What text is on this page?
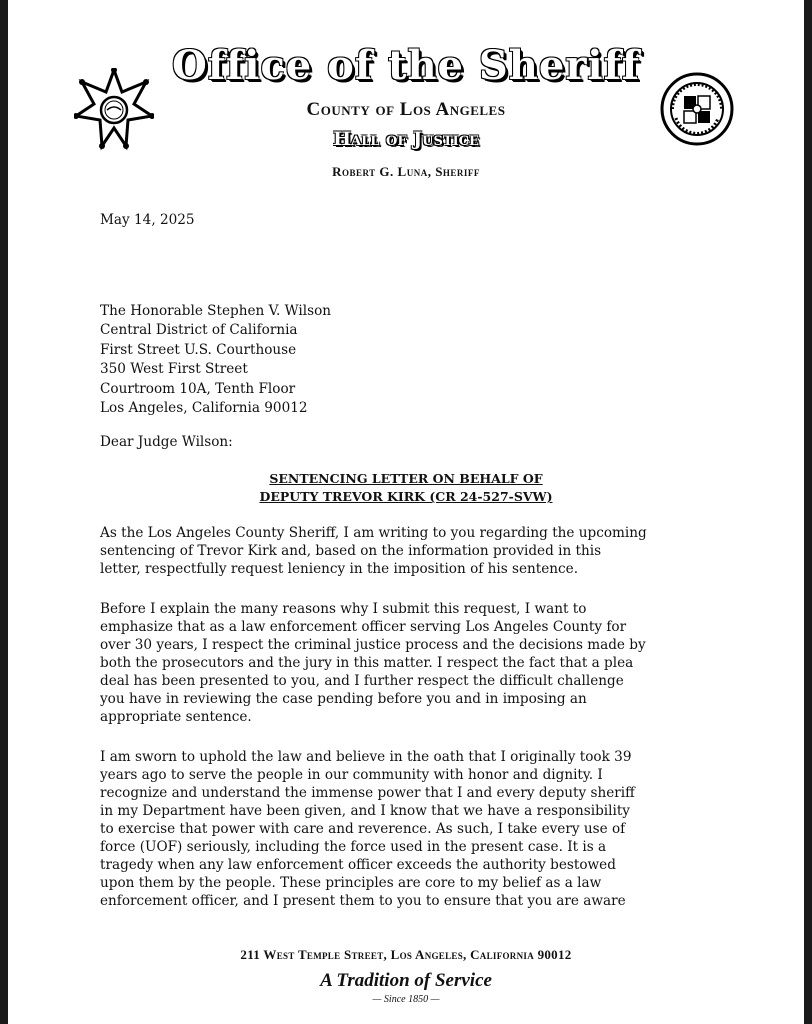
Office of the Sheriff
County of Los Angeles
Hall of Justice
Robert G. Luna, Sheriff
May 14, 2025
The Honorable Stephen V. Wilson
Central District of California
First Street U.S. Courthouse
350 West First Street
Courtroom 10A, Tenth Floor
Los Angeles, California 90012
Dear Judge Wilson:
SENTENCING LETTER ON BEHALF OF
DEPUTY TREVOR KIRK (CR 24-527-SVW)
As the Los Angeles County Sheriff, I am writing to you regarding the upcoming
sentencing of Trevor Kirk and, based on the information provided in this
letter, respectfully request leniency in the imposition of his sentence.
Before I explain the many reasons why I submit this request, I want to
emphasize that as a law enforcement officer serving Los Angeles County for
over 30 years, I respect the criminal justice process and the decisions made by
both the prosecutors and the jury in this matter. I respect the fact that a plea
deal has been presented to you, and I further respect the difficult challenge
you have in reviewing the case pending before you and in imposing an
appropriate sentence.
I am sworn to uphold the law and believe in the oath that I originally took 39
years ago to serve the people in our community with honor and dignity. I
recognize and understand the immense power that I and every deputy sheriff
in my Department have been given, and I know that we have a responsibility
to exercise that power with care and reverence. As such, I take every use of
force (UOF) seriously, including the force used in the present case. It is a
tragedy when any law enforcement officer exceeds the authority bestowed
upon them by the people. These principles are core to my belief as a law
enforcement officer, and I present them to you to ensure that you are aware
211 West Temple Street, Los Angeles, California 90012
A Tradition of Service
— Since 1850 —
